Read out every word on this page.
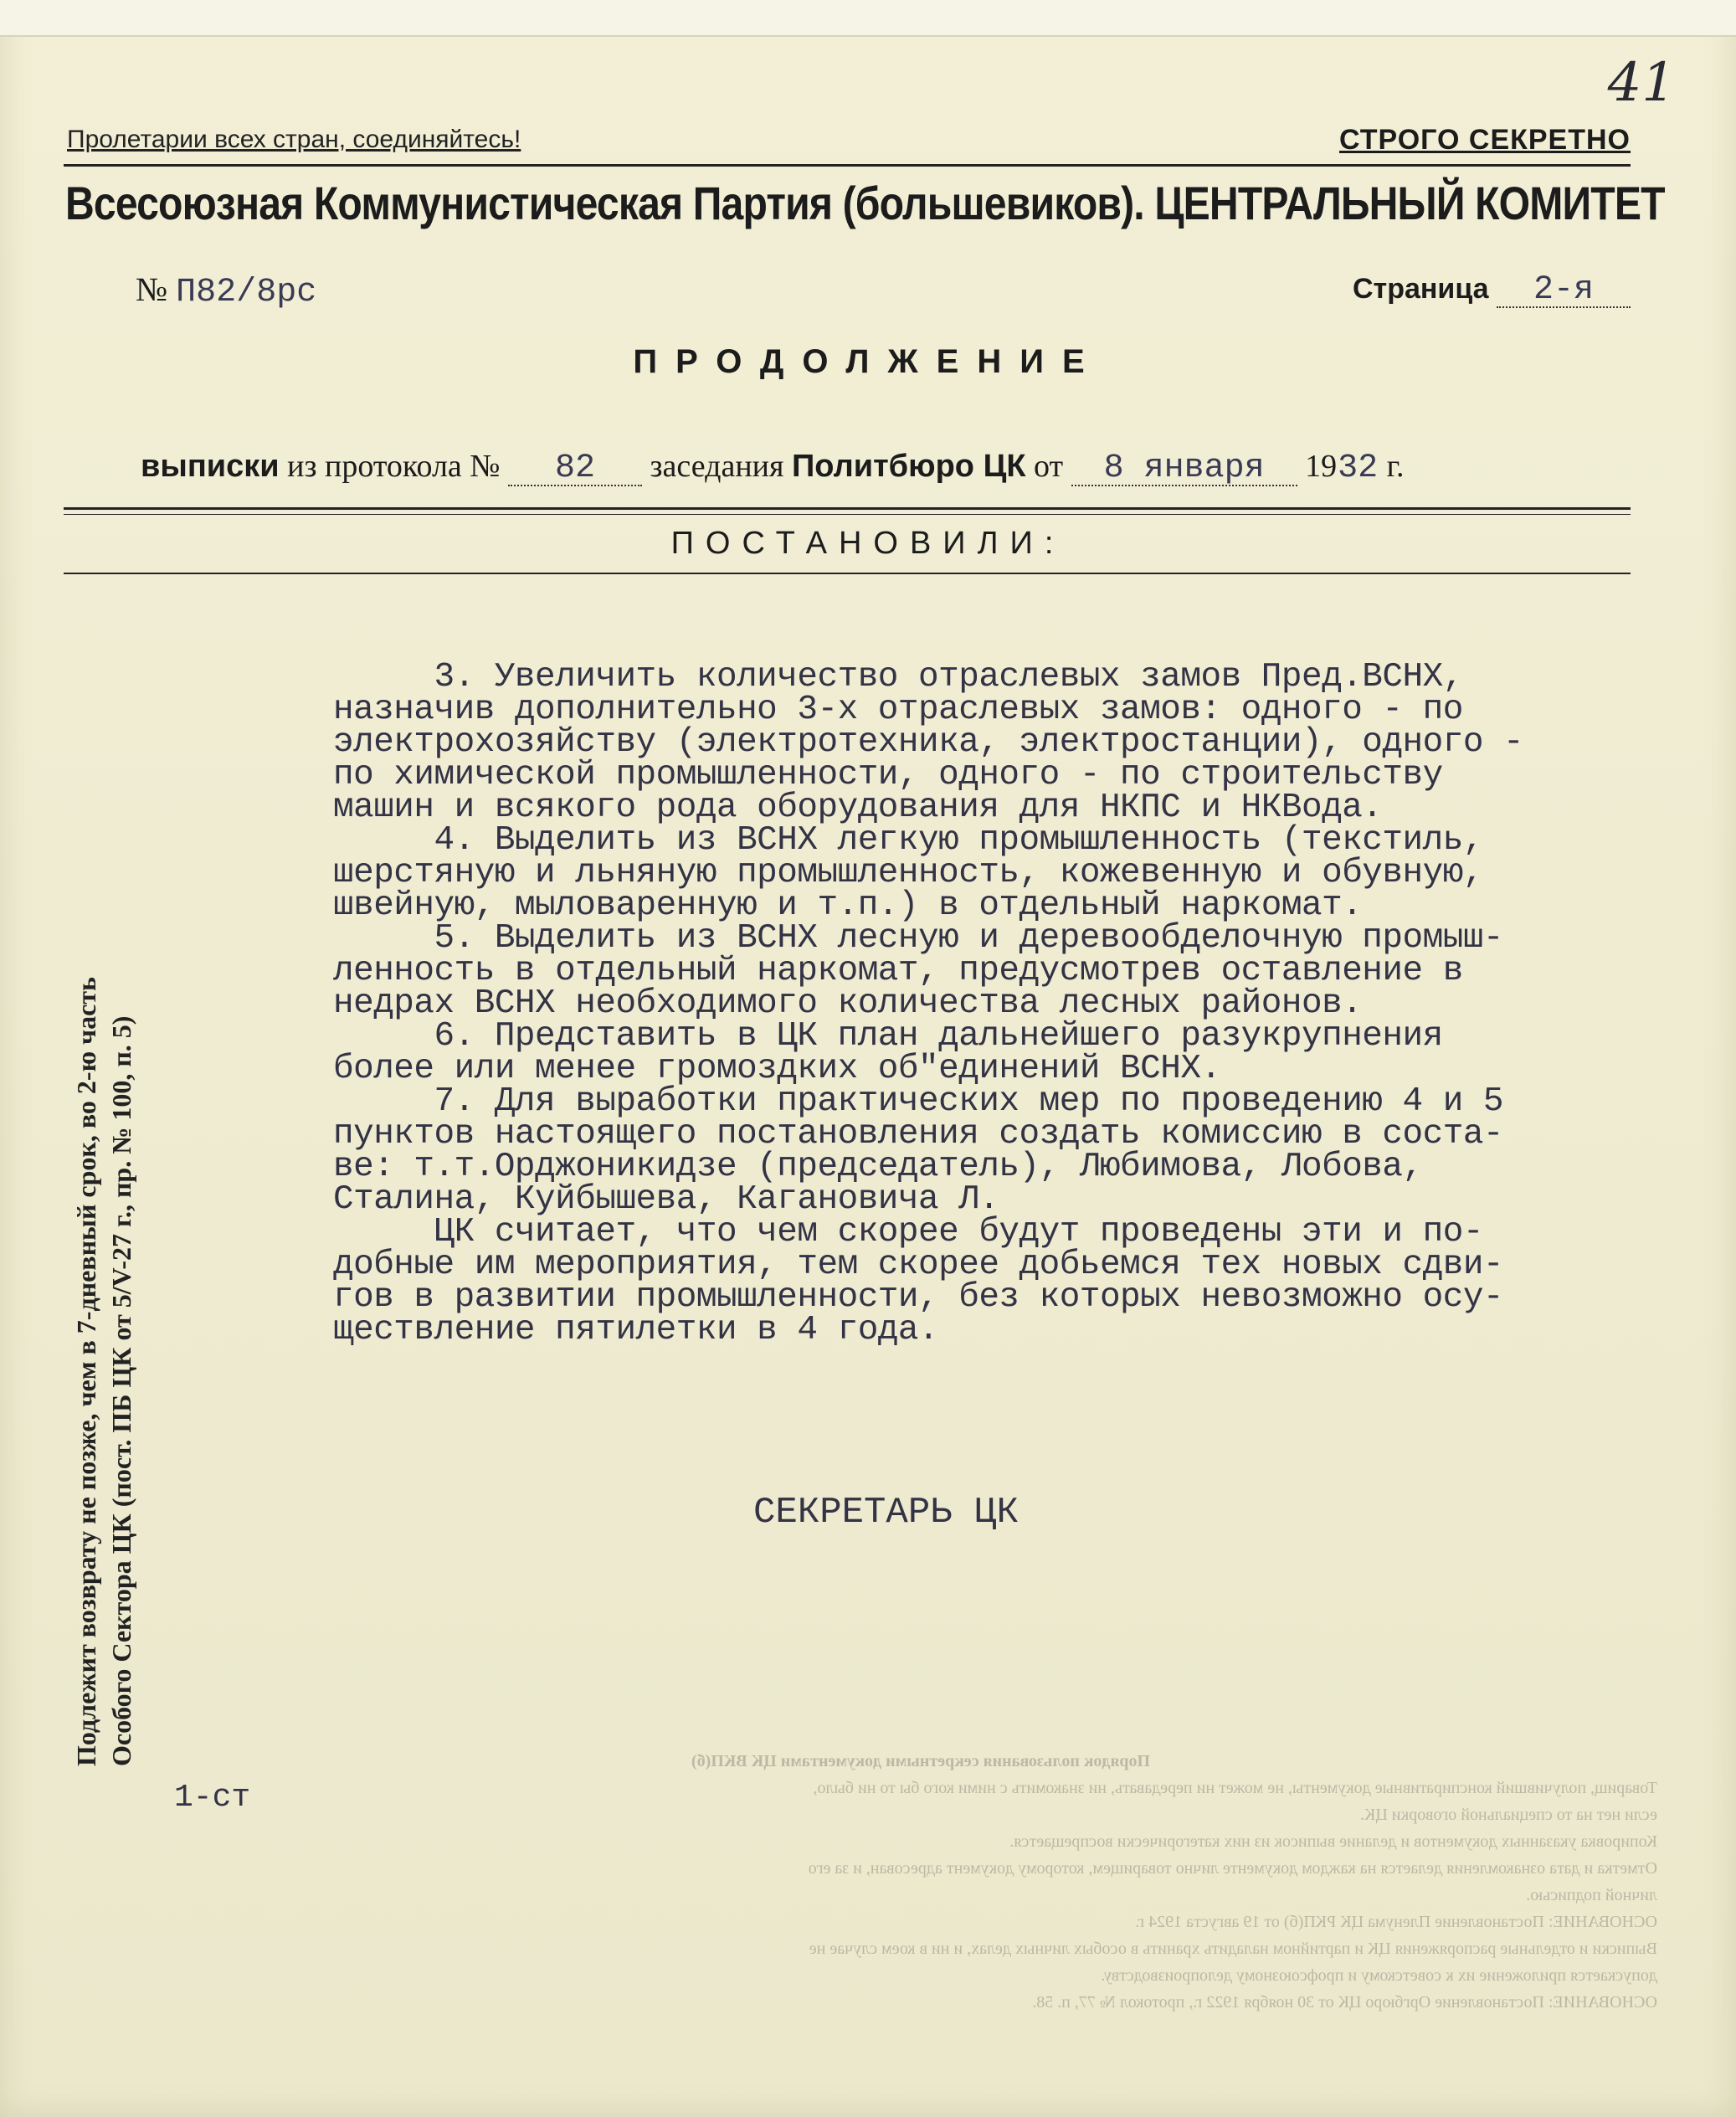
41
Пролетарии всех стран, соединяйтесь!	СТРОГО СЕКРЕТНО
Всесоюзная Коммунистическая Партия (большевиков). ЦЕНТРАЛЬНЫЙ КОМИТЕТ
№ П82/8рс	Страница 2-я
ПРОДОЛЖЕНИЕ
выписки из протокола № 82 заседания Политбюро ЦК от 8 января 1932 г.
ПОСТАНОВИЛИ:

3. Увеличить количество отраслевых замов Пред.ВСНХ,

назначив дополнительно 3-х отраслевых замов: одного - по

электрохозяйству (электротехника, электростанции), одного -

по химической промышленности, одного - по строительству

машин и всякого рода оборудования для НКПС и НКВода.

4. Выделить из ВСНХ легкую промышленность (текстиль,

шерстяную и льняную промышленность, кожевенную и обувную,

швейную, мыловаренную и т.п.) в отдельный наркомат.

5. Выделить из ВСНХ лесную и деревообделочную промыш-

ленность в отдельный наркомат, предусмотрев оставление в

недрах ВСНХ необходимого количества лесных районов.

6. Представить в ЦК план дальнейшего разукрупнения

более или менее громоздких об"единений ВСНХ.

7. Для выработки практических мер по проведению 4 и 5

пунктов настоящего постановления создать комиссию в соста-

ве: т.т.Орджоникидзе (председатель), Любимова, Лобова,

Сталина, Куйбышева, Кагановича Л.

ЦК считает, что чем скорее будут проведены эти и по-

добные им мероприятия, тем скорее добьемся тех новых сдви-

гов в развитии промышленности, без которых невозможно осу-

ществление пятилетки в 4 года.

СЕКРЕТАРЬ ЦК
Подлежит возврату не позже, чем в 7-дневный срок, во 2-ю часть Особого Сектора ЦК (пост. ПБ ЦК от 5/V-27 г., пр. № 100, п. 5)
1-ст
Порядок пользования секретными документами ЦК ВКП(б)
Товарищ, получивший конспиративные документы, не может ни передавать, ни знакомить с ними кого бы то ни было,
если нет на то специальной оговорки ЦК.
Копировка указанных документов и делание выписок из них категорически воспрещается.
Отметка и дата ознакомления делается на каждом документе лично товарищем, которому документ адресован, и за его
личной подписью.
ОСНОВАНИЕ: Постановление Пленума ЦК РКП(б) от 19 августа 1924 г.
Выписки и отдельные распоряжения ЦК и партийном наладить хранить в особых личных делах, и ни в коем случае не
допускается приложение их к советскому и профсоюзному делопроизводству.
ОСНОВАНИЕ: Постановление Оргбюро ЦК от 30 ноября 1922 г., протокол № 77, п. 58.
